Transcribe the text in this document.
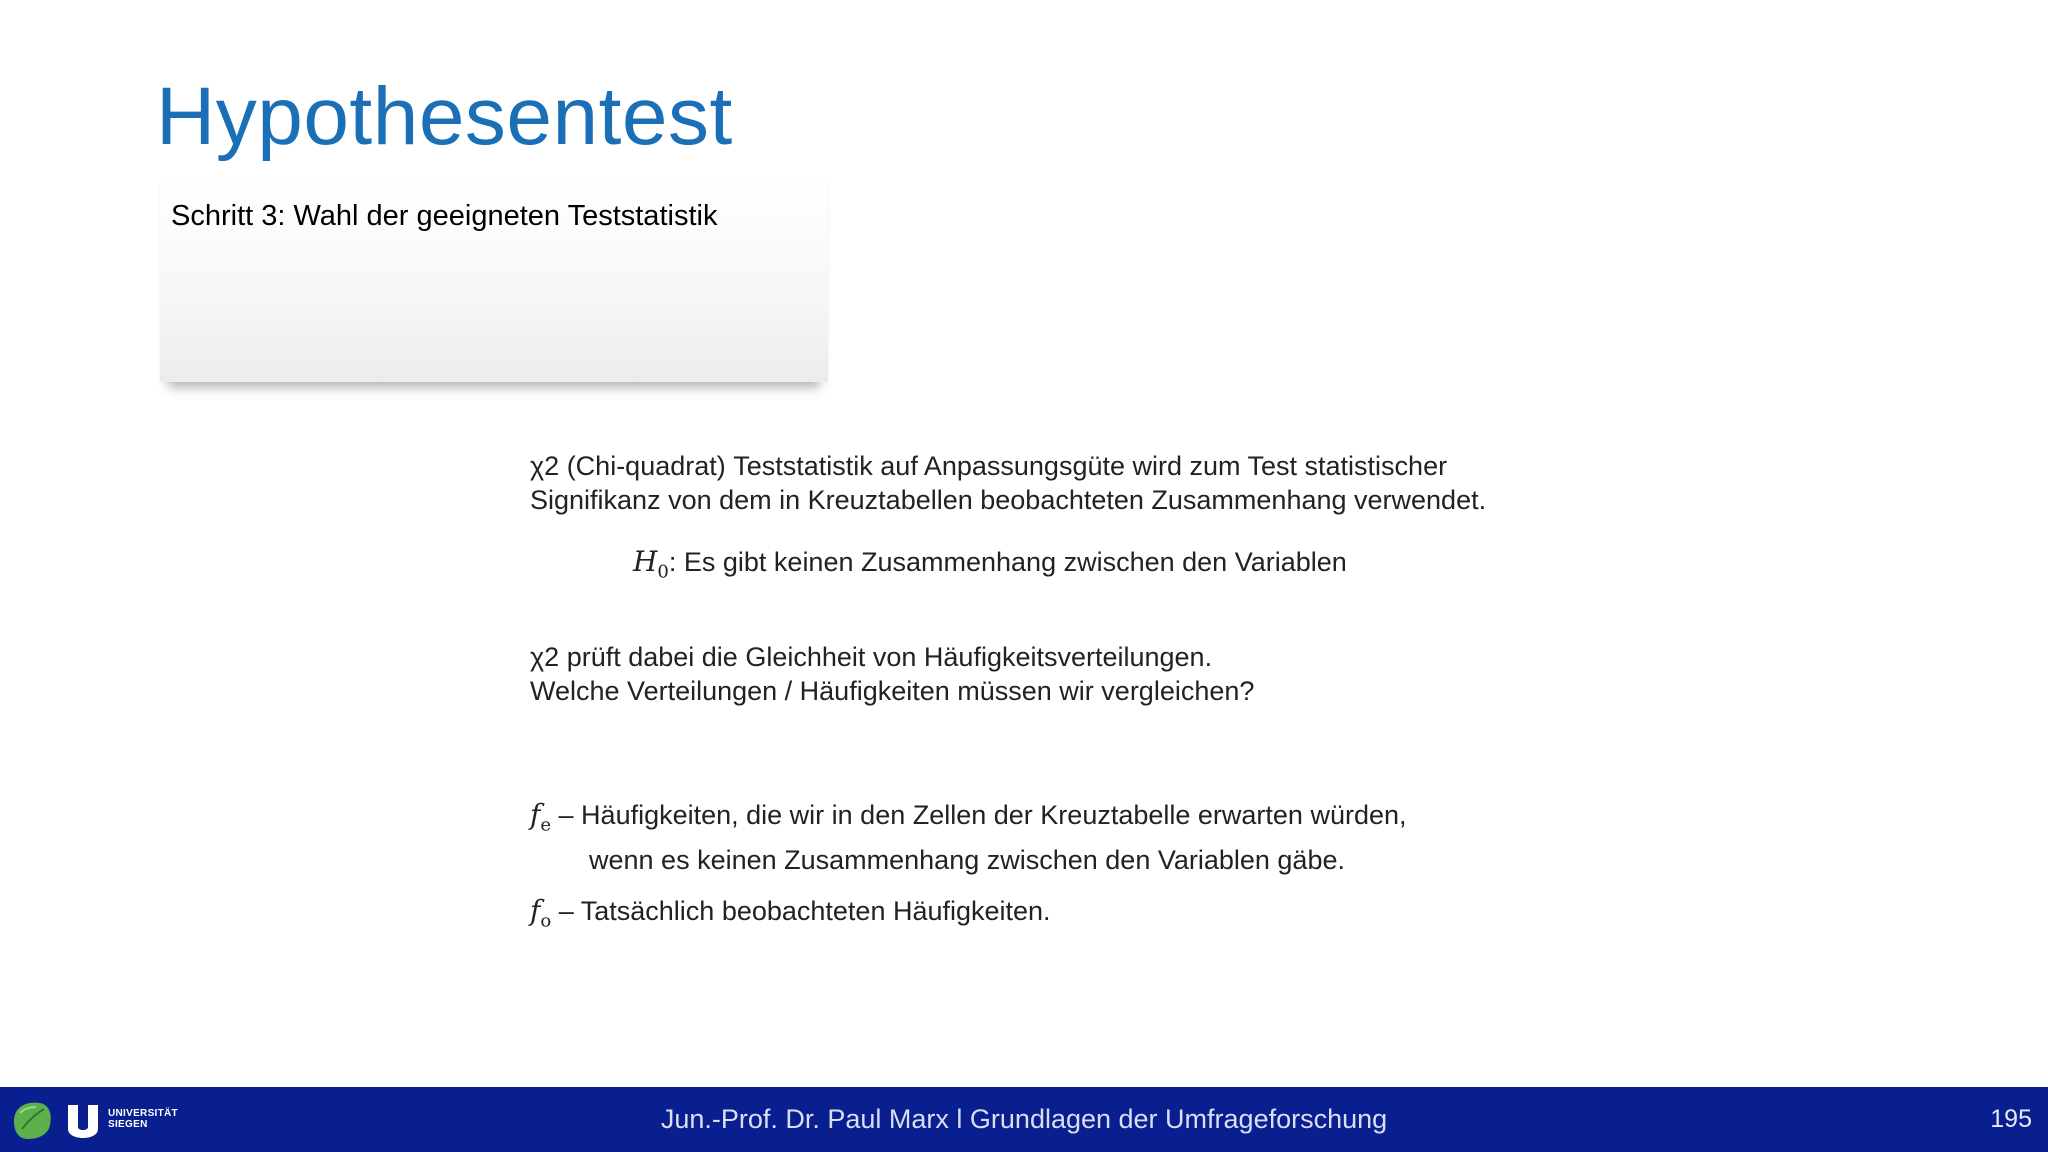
Hypothesentest
Schritt 3: Wahl der geeigneten Teststatistik
χ2 (Chi-quadrat) Teststatistik auf Anpassungsgüte wird zum Test statistischer
Signifikanz von dem in Kreuztabellen beobachteten Zusammenhang verwendet.
$H_0$: Es gibt keinen Zusammenhang zwischen den Variablen
χ2 prüft dabei die Gleichheit von Häufigkeitsverteilungen.
Welche Verteilungen / Häufigkeiten müssen wir vergleichen?
$f_e$ – Häufigkeiten, die wir in den Zellen der Kreuztabelle erwarten würden,
wenn es keinen Zusammenhang zwischen den Variablen gäbe.
$f_o$ – Tatsächlich beobachteten Häufigkeiten.
UNIVERSITÄT
SIEGEN	Jun.-Prof. Dr. Paul Marx l Grundlagen der Umfrageforschung	195
